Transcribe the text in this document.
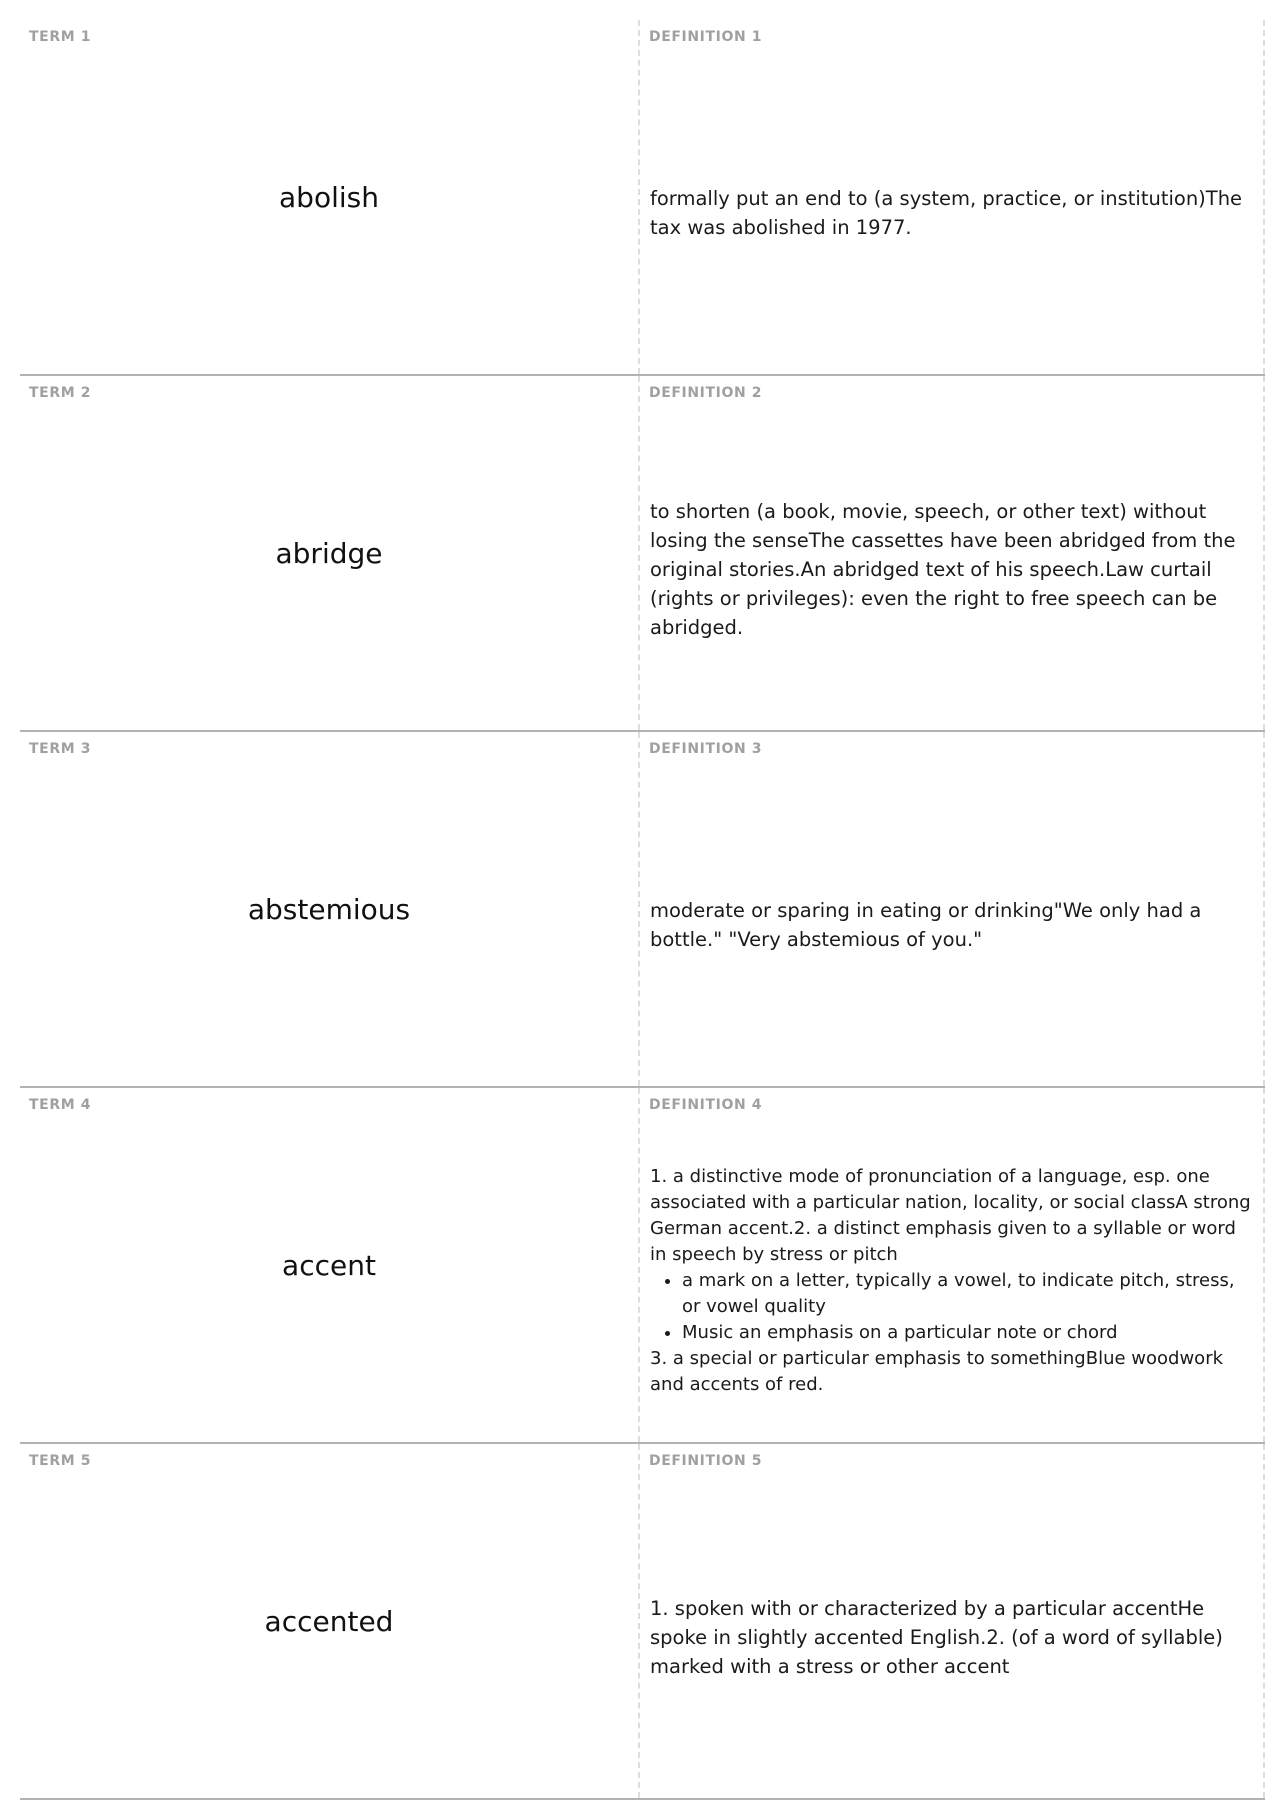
TERM 1
abolish
DEFINITION 1
formally put an end to (a system, practice, or institution)The tax was abolished in 1977.
TERM 2
abridge
DEFINITION 2
to shorten (a book, movie, speech, or other text) without losing the senseThe cassettes have been abridged from the original stories.An abridged text of his speech.Law curtail (rights or privileges): even the right to free speech can be abridged.
TERM 3
abstemious
DEFINITION 3
moderate or sparing in eating or drinking"We only had a bottle." "Very abstemious of you."
TERM 4
accent
DEFINITION 4
1. a distinctive mode of pronunciation of a language, esp. one associated with a particular nation, locality, or social classA strong German accent.2. a distinct emphasis given to a syllable or word in speech by stress or pitch
• a mark on a letter, typically a vowel, to indicate pitch, stress, or vowel quality
• Music an emphasis on a particular note or chord
3. a special or particular emphasis to somethingBlue woodwork and accents of red.
TERM 5
accented
DEFINITION 5
1. spoken with or characterized by a particular accentHe spoke in slightly accented English.2. (of a word of syllable) marked with a stress or other accent
